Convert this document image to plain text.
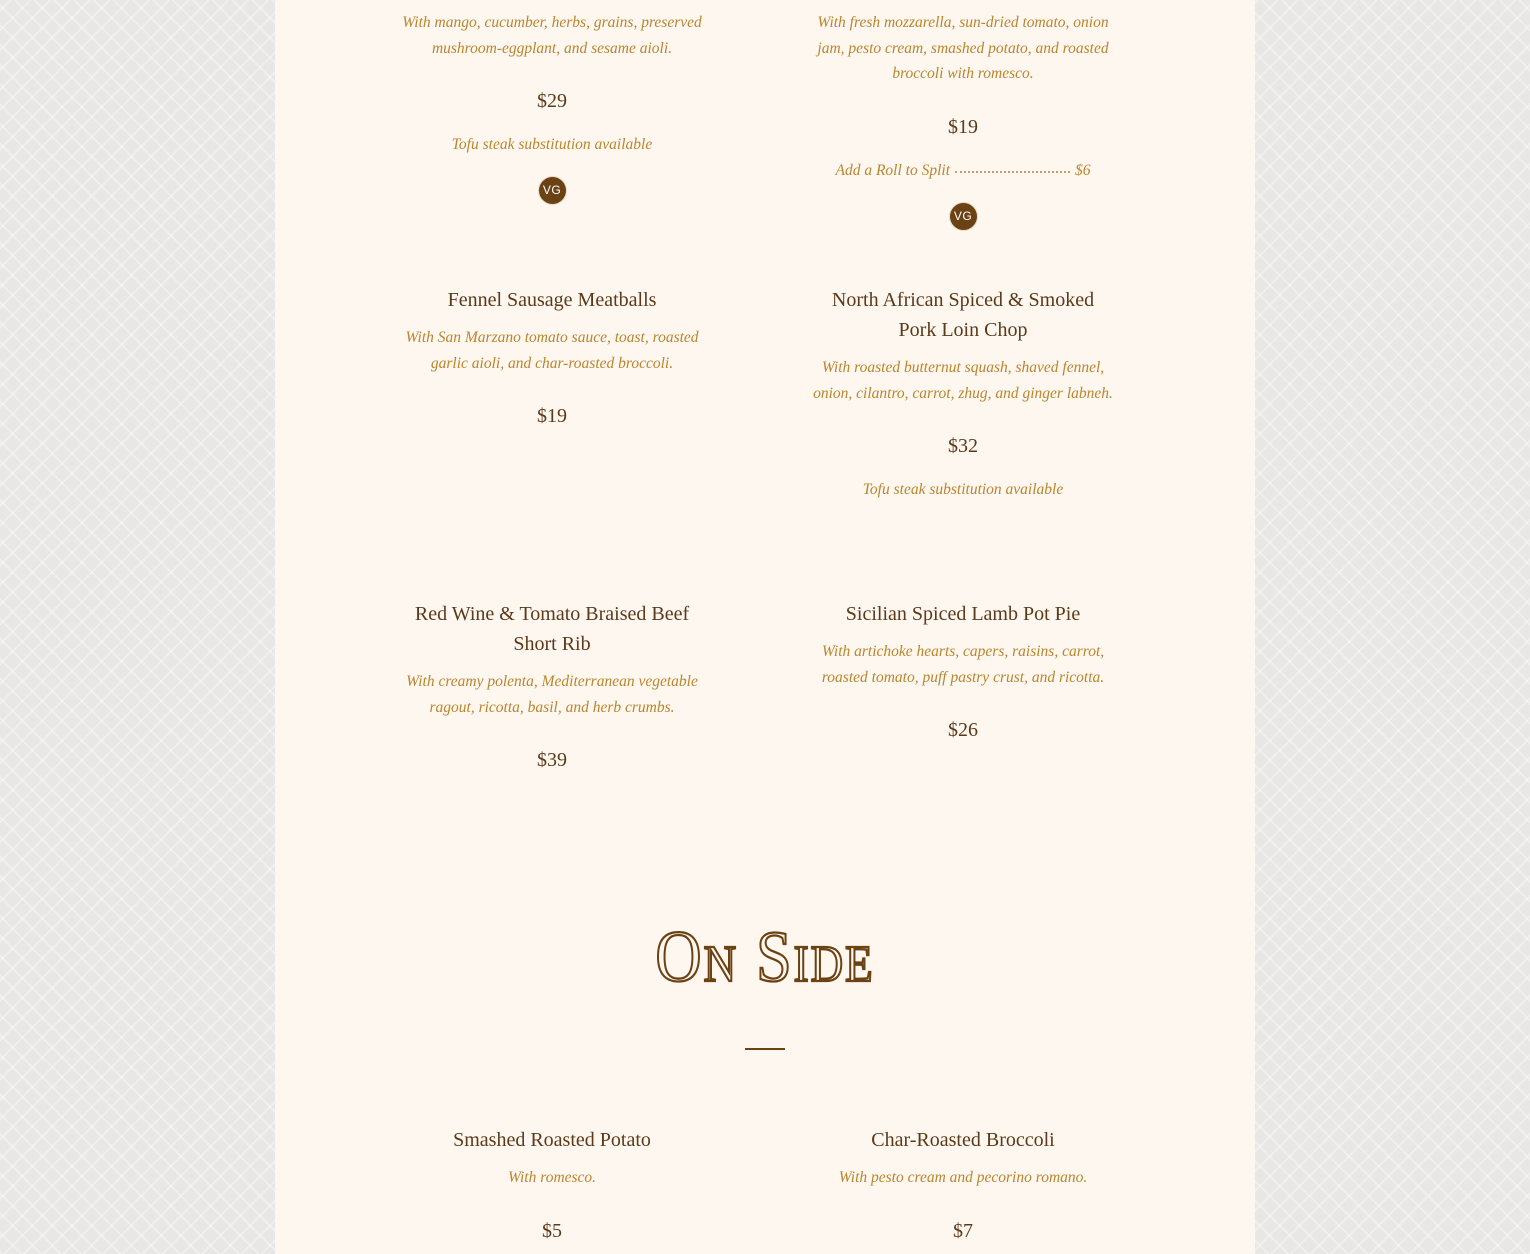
With mango, cucumber, herbs, grains, preserved mushroom-eggplant, and sesame aioli.

$29

Tofu steak substitution available

VG

With fresh mozzarella, sun-dried tomato, onion jam, pesto cream, smashed potato, and roasted broccoli with romesco.

$19

Add a Roll to Split	$6
VG
Fennel Sausage Meatballs

With San Marzano tomato sauce, toast, roasted garlic aioli, and char-roasted broccoli.

$19

North African Spiced & Smoked Pork Loin Chop

With roasted butternut squash, shaved fennel, onion, cilantro, carrot, zhug, and ginger labneh.

$32

Tofu steak substitution available

Red Wine & Tomato Braised Beef Short Rib

With creamy polenta, Mediterranean vegetable ragout, ricotta, basil, and herb crumbs.

$39

Sicilian Spiced Lamb Pot Pie

With artichoke hearts, capers, raisins, carrot, roasted tomato, puff pastry crust, and ricotta.

$26

On Side
Smashed Roasted Potato

With romesco.

$5

Char-Roasted Broccoli

With pesto cream and pecorino romano.

$7
